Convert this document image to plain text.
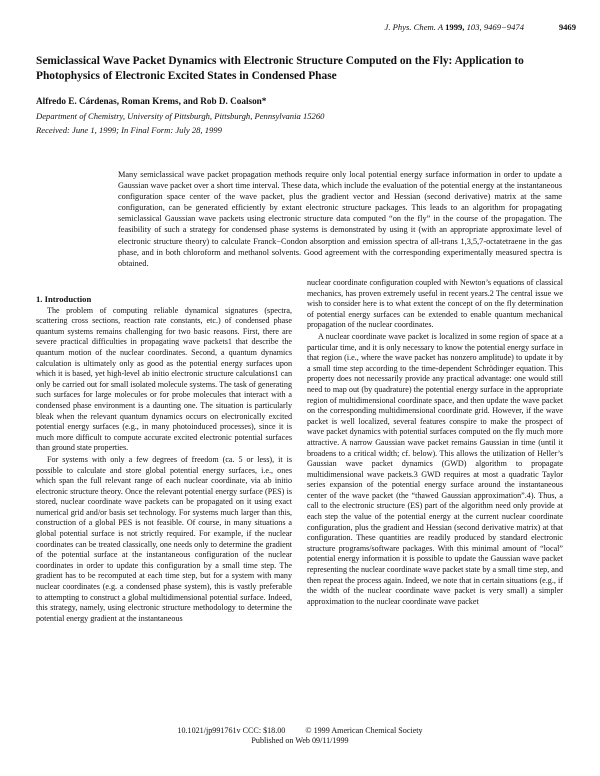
J. Phys. Chem. A 1999, 103, 9469−9474	9469
Semiclassical Wave Packet Dynamics with Electronic Structure Computed on the Fly: Application to Photophysics of Electronic Excited States in Condensed Phase
Alfredo E. Cárdenas, Roman Krems, and Rob D. Coalson*
Department of Chemistry, University of Pittsburgh, Pittsburgh, Pennsylvania 15260
Received: June 1, 1999; In Final Form: July 28, 1999

Many semiclassical wave packet propagation methods require only local potential energy surface information in order to update a Gaussian wave packet over a short time interval. These data, which include the evaluation of the potential energy at the instantaneous configuration space center of the wave packet, plus the gradient vector and Hessian (second derivative) matrix at the same configuration, can be generated efficiently by extant electronic structure packages. This leads to an algorithm for propagating semiclassical Gaussian wave packets using electronic structure data computed “on the fly” in the course of the propagation. The feasibility of such a strategy for condensed phase systems is demonstrated by using it (with an appropriate approximate level of electronic structure theory) to calculate Franck−Condon absorption and emission spectra of all-trans 1,3,5,7-octatetraene in the gas phase, and in both chloroform and methanol solvents. Good agreement with the corresponding experimentally measured spectra is obtained.

1. Introduction

The problem of computing reliable dynamical signatures (spectra, scattering cross sections, reaction rate constants, etc.) of condensed phase quantum systems remains challenging for two basic reasons. First, there are severe practical difficulties in propagating wave packets1 that describe the quantum motion of the nuclear coordinates. Second, a quantum dynamics calculation is ultimately only as good as the potential energy surfaces upon which it is based, yet high-level ab initio electronic structure calculations1 can only be carried out for small isolated molecule systems. The task of generating such surfaces for large molecules or for probe molecules that interact with a condensed phase environment is a daunting one. The situation is particularly bleak when the relevant quantum dynamics occurs on electronically excited potential energy surfaces (e.g., in many photoinduced processes), since it is much more difficult to compute accurate excited electronic potential surfaces than ground state properties.

For systems with only a few degrees of freedom (ca. 5 or less), it is possible to calculate and store global potential energy surfaces, i.e., ones which span the full relevant range of each nuclear coordinate, via ab initio electronic structure theory. Once the relevant potential energy surface (PES) is stored, nuclear coordinate wave packets can be propagated on it using exact numerical grid and/or basis set technology. For systems much larger than this, construction of a global PES is not feasible. Of course, in many situations a global potential surface is not strictly required. For example, if the nuclear coordinates can be treated classically, one needs only to determine the gradient of the potential surface at the instantaneous configuration of the nuclear coordinates in order to update this configuration by a small time step. The gradient has to be recomputed at each time step, but for a system with many nuclear coordinates (e.g. a condensed phase system), this is vastly preferable to attempting to construct a global multidimensional potential surface. Indeed, this strategy, namely, using electronic structure methodology to determine the potential energy gradient at the instantaneous

nuclear coordinate configuration coupled with Newton’s equations of classical mechanics, has proven extremely useful in recent years.2 The central issue we wish to consider here is to what extent the concept of on the fly determination of potential energy surfaces can be extended to enable quantum mechanical propagation of the nuclear coordinates.

A nuclear coordinate wave packet is localized in some region of space at a particular time, and it is only necessary to know the potential energy surface in that region (i.e., where the wave packet has nonzero amplitude) to update it by a small time step according to the time-dependent Schrödinger equation. This property does not necessarily provide any practical advantage: one would still need to map out (by quadrature) the potential energy surface in the appropriate region of multidimensional coordinate space, and then update the wave packet on the corresponding multidimensional coordinate grid. However, if the wave packet is well localized, several features conspire to make the prospect of wave packet dynamics with potential surfaces computed on the fly much more attractive. A narrow Gaussian wave packet remains Gaussian in time (until it broadens to a critical width; cf. below). This allows the utilization of Heller’s Gaussian wave packet dynamics (GWD) algorithm to propagate multidimensional wave packets.3 GWD requires at most a quadratic Taylor series expansion of the potential energy surface around the instantaneous center of the wave packet (the “thawed Gaussian approximation”.4). Thus, a call to the electronic structure (ES) part of the algorithm need only provide at each step the value of the potential energy at the current nuclear coordinate configuration, plus the gradient and Hessian (second derivative matrix) at that configuration. These quantities are readily produced by standard electronic structure programs/software packages. With this minimal amount of “local” potential energy information it is possible to update the Gaussian wave packet representing the nuclear coordinate wave packet state by a small time step, and then repeat the process again. Indeed, we note that in certain situations (e.g., if the width of the nuclear coordinate wave packet is very small) a simpler approximation to the nuclear coordinate wave packet

10.1021/jp991761v CCC: $18.00 © 1999 American Chemical Society
Published on Web 09/11/1999
